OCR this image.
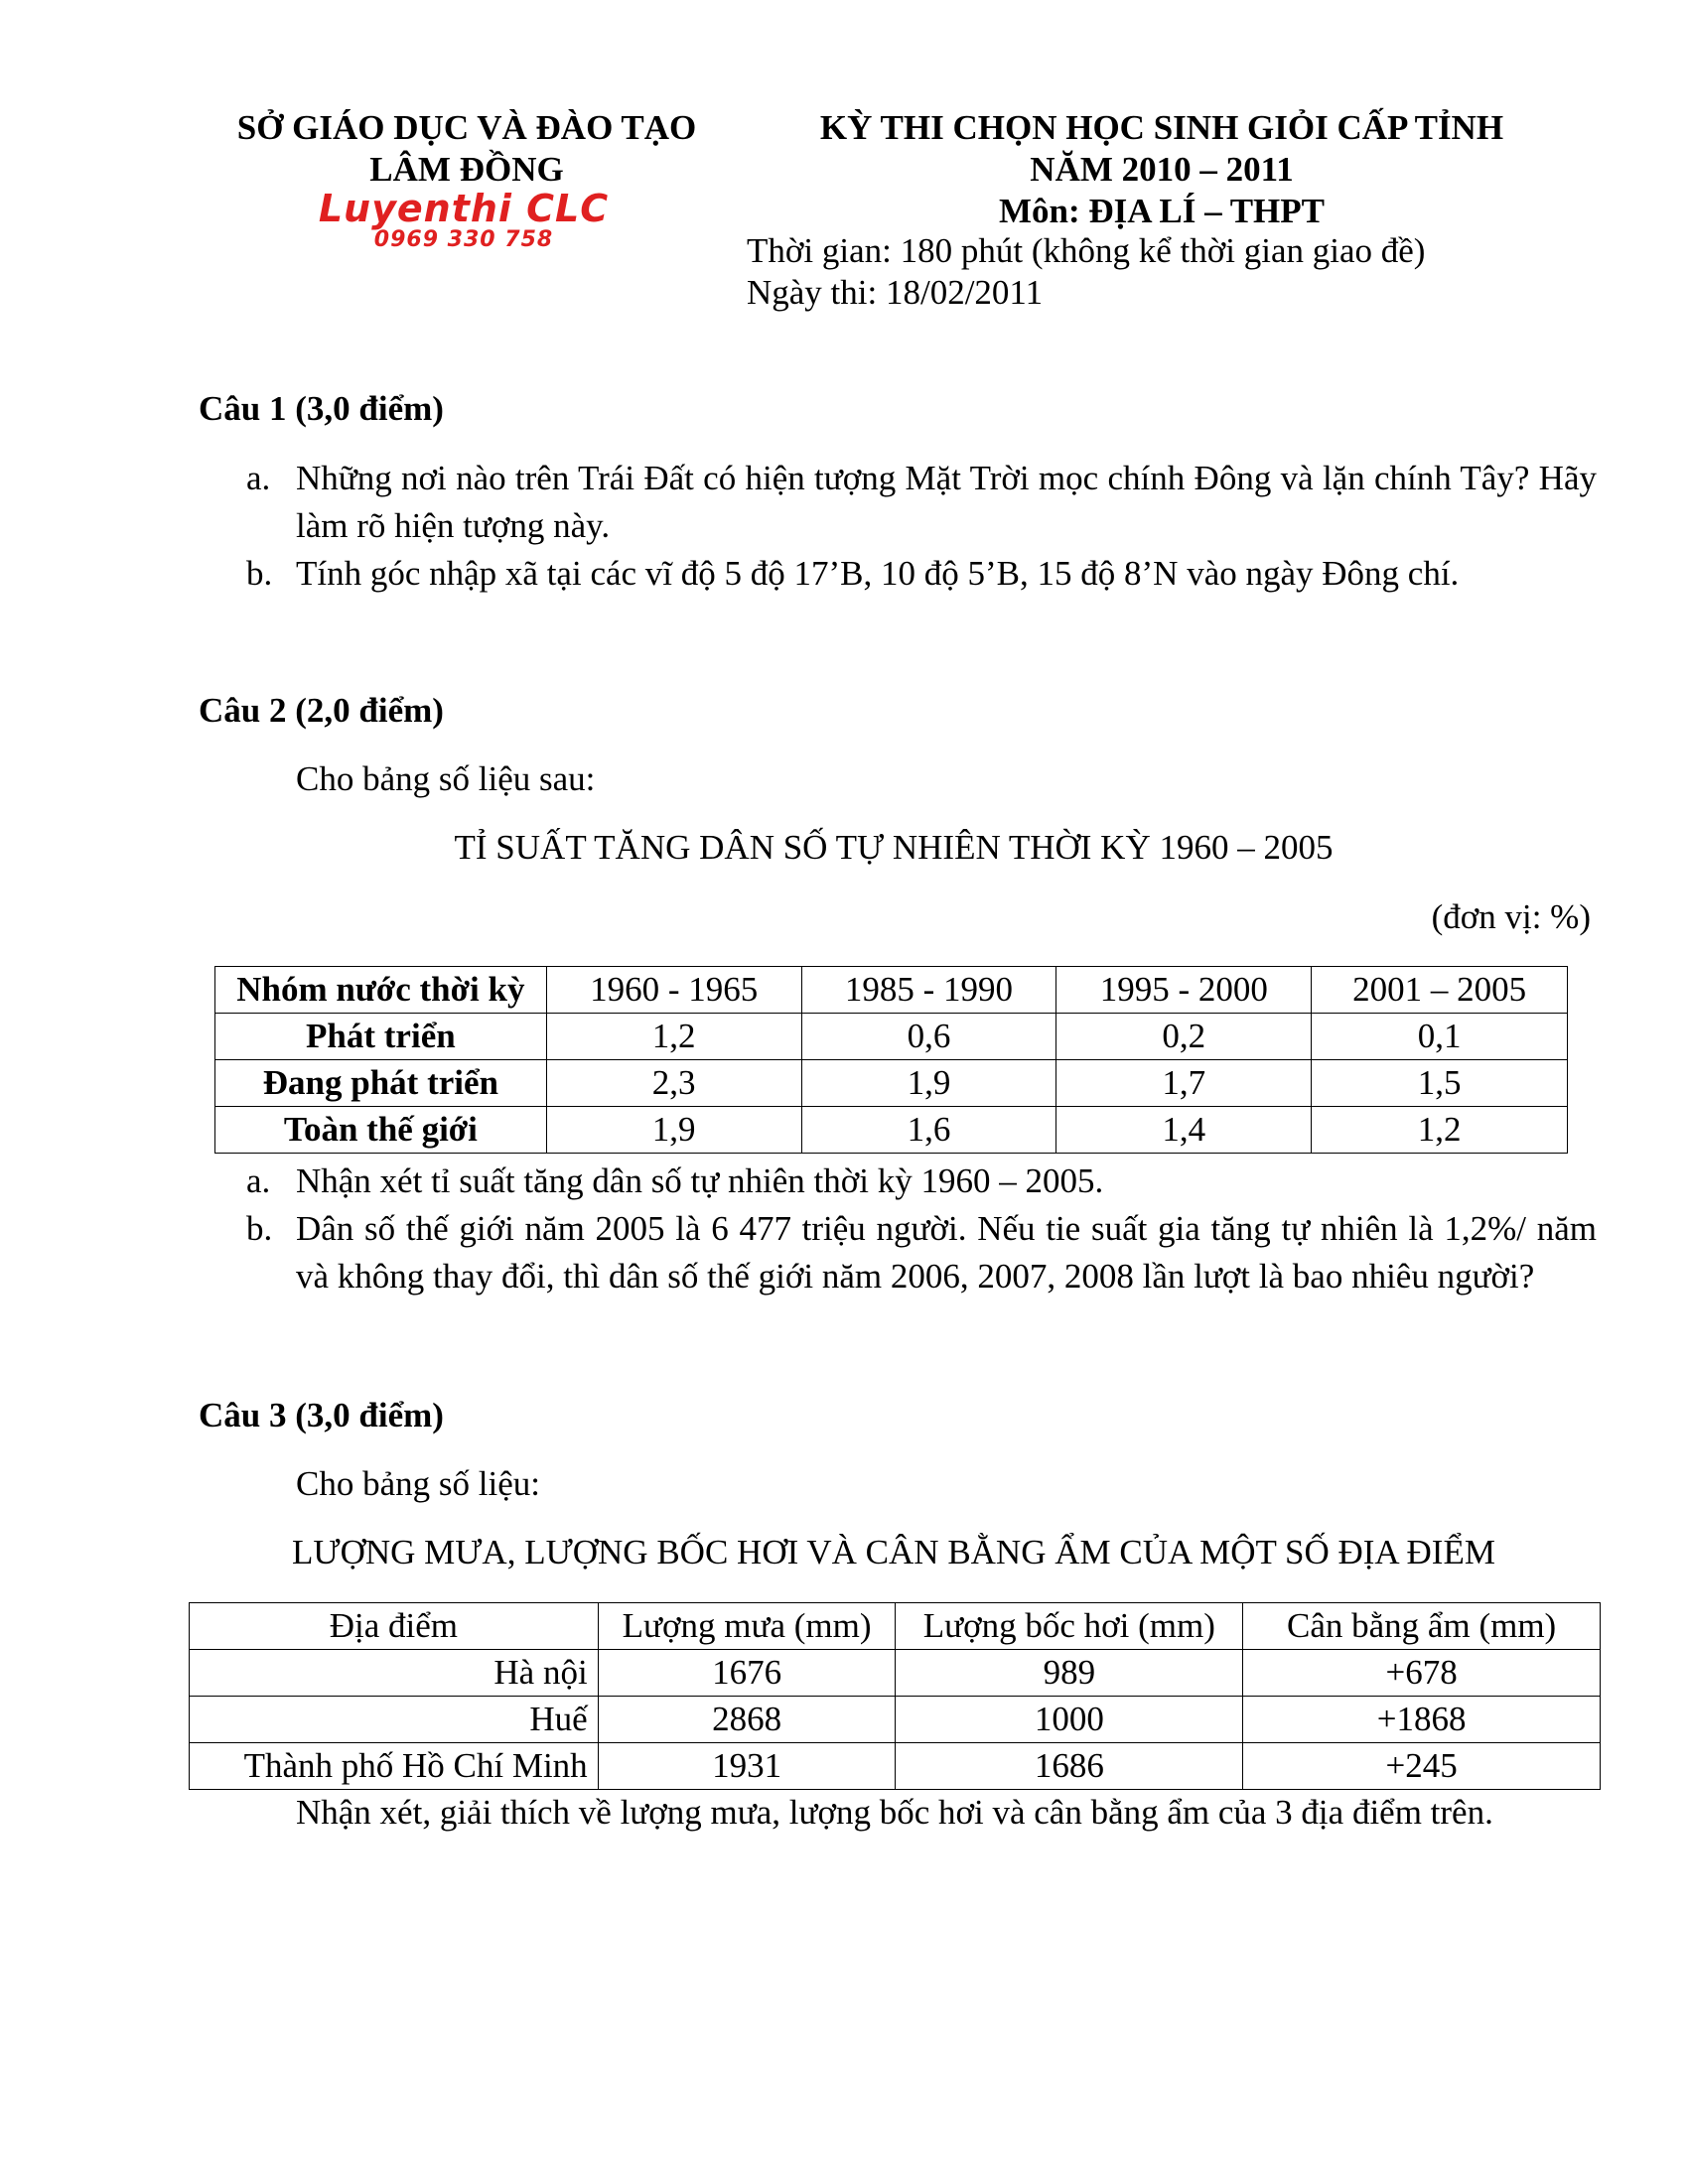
SỞ GIÁO DỤC VÀ ĐÀO TẠO
LÂM ĐỒNG
Luyenthi CLC
0969 330 758
KỲ THI CHỌN HỌC SINH GIỎI CẤP TỈNH
NĂM 2010 – 2011
Môn: ĐỊA LÍ – THPT
Thời gian: 180 phút (không kể thời gian giao đề)
Ngày thi: 18/02/2011
Câu 1 (3,0 điểm)
a. Những nơi nào trên Trái Đất có hiện tượng Mặt Trời mọc chính Đông và lặn chính Tây? Hãy làm rõ hiện tượng này.
b. Tính góc nhập xã tại các vĩ độ 5 độ 17’B, 10 độ 5’B, 15 độ 8’N vào ngày Đông chí.
Câu 2 (2,0 điểm)
Cho bảng số liệu sau:
TỈ SUẤT TĂNG DÂN SỐ TỰ NHIÊN THỜI KỲ 1960 – 2005
(đơn vị: %)
Nhóm nước thời kỳ	1960 - 1965	1985 - 1990	1995 - 2000	2001 – 2005
Phát triển	1,2	0,6	0,2	0,1
Đang phát triển	2,3	1,9	1,7	1,5
Toàn thế giới	1,9	1,6	1,4	1,2
a. Nhận xét tỉ suất tăng dân số tự nhiên thời kỳ 1960 – 2005.
b. Dân số thế giới năm 2005 là 6 477 triệu người. Nếu tie suất gia tăng tự nhiên là 1,2%/ năm và không thay đổi, thì dân số thế giới năm 2006, 2007, 2008 lần lượt là bao nhiêu người?
Câu 3 (3,0 điểm)
Cho bảng số liệu:
LƯỢNG MƯA, LƯỢNG BỐC HƠI VÀ CÂN BẰNG ẨM CỦA MỘT SỐ ĐỊA ĐIỂM
Địa điểm	Lượng mưa (mm)	Lượng bốc hơi (mm)	Cân bằng ẩm (mm)
Hà nội	1676	989	+678
Huế	2868	1000	+1868
Thành phố Hồ Chí Minh	1931	1686	+245
Nhận xét, giải thích về lượng mưa, lượng bốc hơi và cân bằng ẩm của 3 địa điểm trên.
